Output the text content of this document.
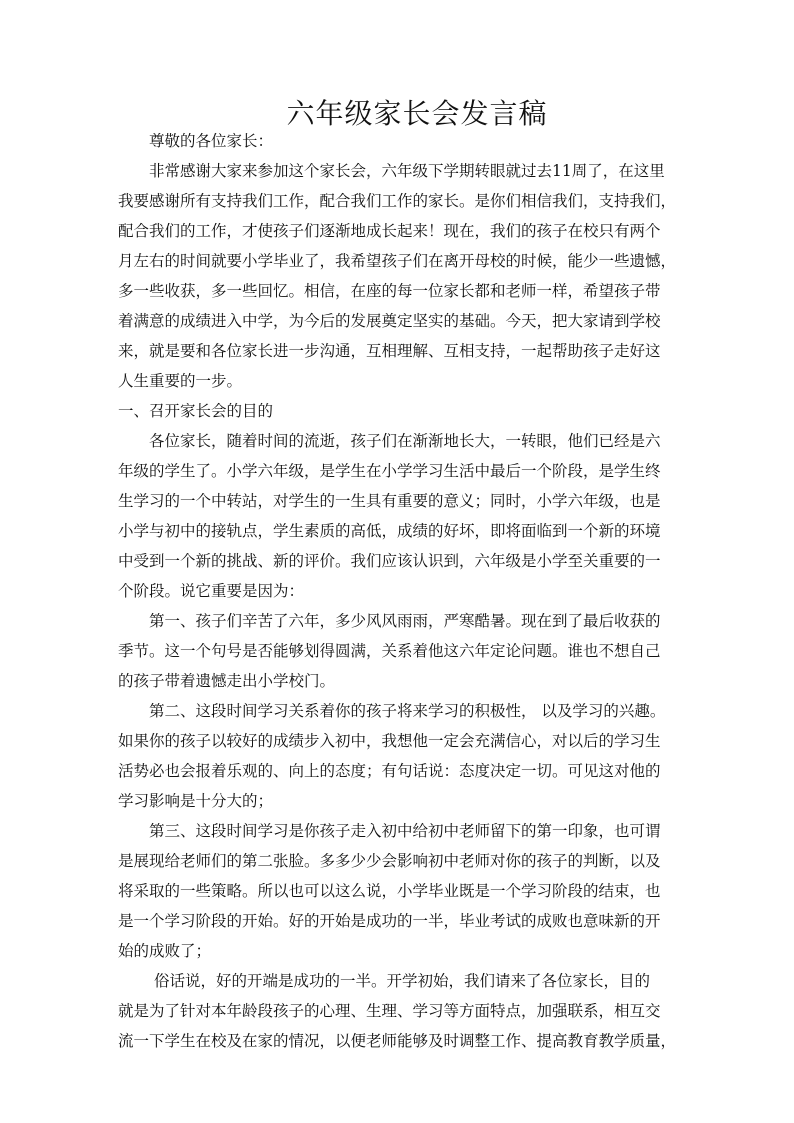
六年级家长会发言稿
尊敬的各位家长：
非常感谢大家来参加这个家长会，六年级下学期转眼就过去11周了，在这里
我要感谢所有支持我们工作，配合我们工作的家长。是你们相信我们，支持我们，
配合我们的工作，才使孩子们逐渐地成长起来！现在，我们的孩子在校只有两个
月左右的时间就要小学毕业了，我希望孩子们在离开母校的时候，能少一些遗憾，
多一些收获，多一些回忆。相信，在座的每一位家长都和老师一样，希望孩子带
着满意的成绩进入中学，为今后的发展奠定坚实的基础。今天，把大家请到学校
来，就是要和各位家长进一步沟通，互相理解、互相支持，一起帮助孩子走好这
人生重要的一步。
一、召开家长会的目的
各位家长，随着时间的流逝，孩子们在渐渐地长大，一转眼，他们已经是六
年级的学生了。小学六年级，是学生在小学学习生活中最后一个阶段，是学生终
生学习的一个中转站，对学生的一生具有重要的意义；同时，小学六年级，也是
小学与初中的接轨点，学生素质的高低，成绩的好坏，即将面临到一个新的环境
中受到一个新的挑战、新的评价。我们应该认识到，六年级是小学至关重要的一
个阶段。说它重要是因为：
第一、孩子们辛苦了六年，多少风风雨雨，严寒酷暑。现在到了最后收获的
季节。这一个句号是否能够划得圆满，关系着他这六年定论问题。谁也不想自己
的孩子带着遗憾走出小学校门。
第二、这段时间学习关系着你的孩子将来学习的积极性， 以及学习的兴趣。
如果你的孩子以较好的成绩步入初中，我想他一定会充满信心，对以后的学习生
活势必也会报着乐观的、向上的态度；有句话说：态度决定一切。可见这对他的
学习影响是十分大的；
第三、这段时间学习是你孩子走入初中给初中老师留下的第一印象，也可谓
是展现给老师们的第二张脸。多多少少会影响初中老师对你的孩子的判断，以及
将采取的一些策略。所以也可以这么说，小学毕业既是一个学习阶段的结束，也
是一个学习阶段的开始。好的开始是成功的一半，毕业考试的成败也意味新的开
始的成败了；
俗话说，好的开端是成功的一半。开学初始，我们请来了各位家长，目的
就是为了针对本年龄段孩子的心理、生理、学习等方面特点，加强联系，相互交
流一下学生在校及在家的情况，以便老师能够及时调整工作、提高教育教学质量，
